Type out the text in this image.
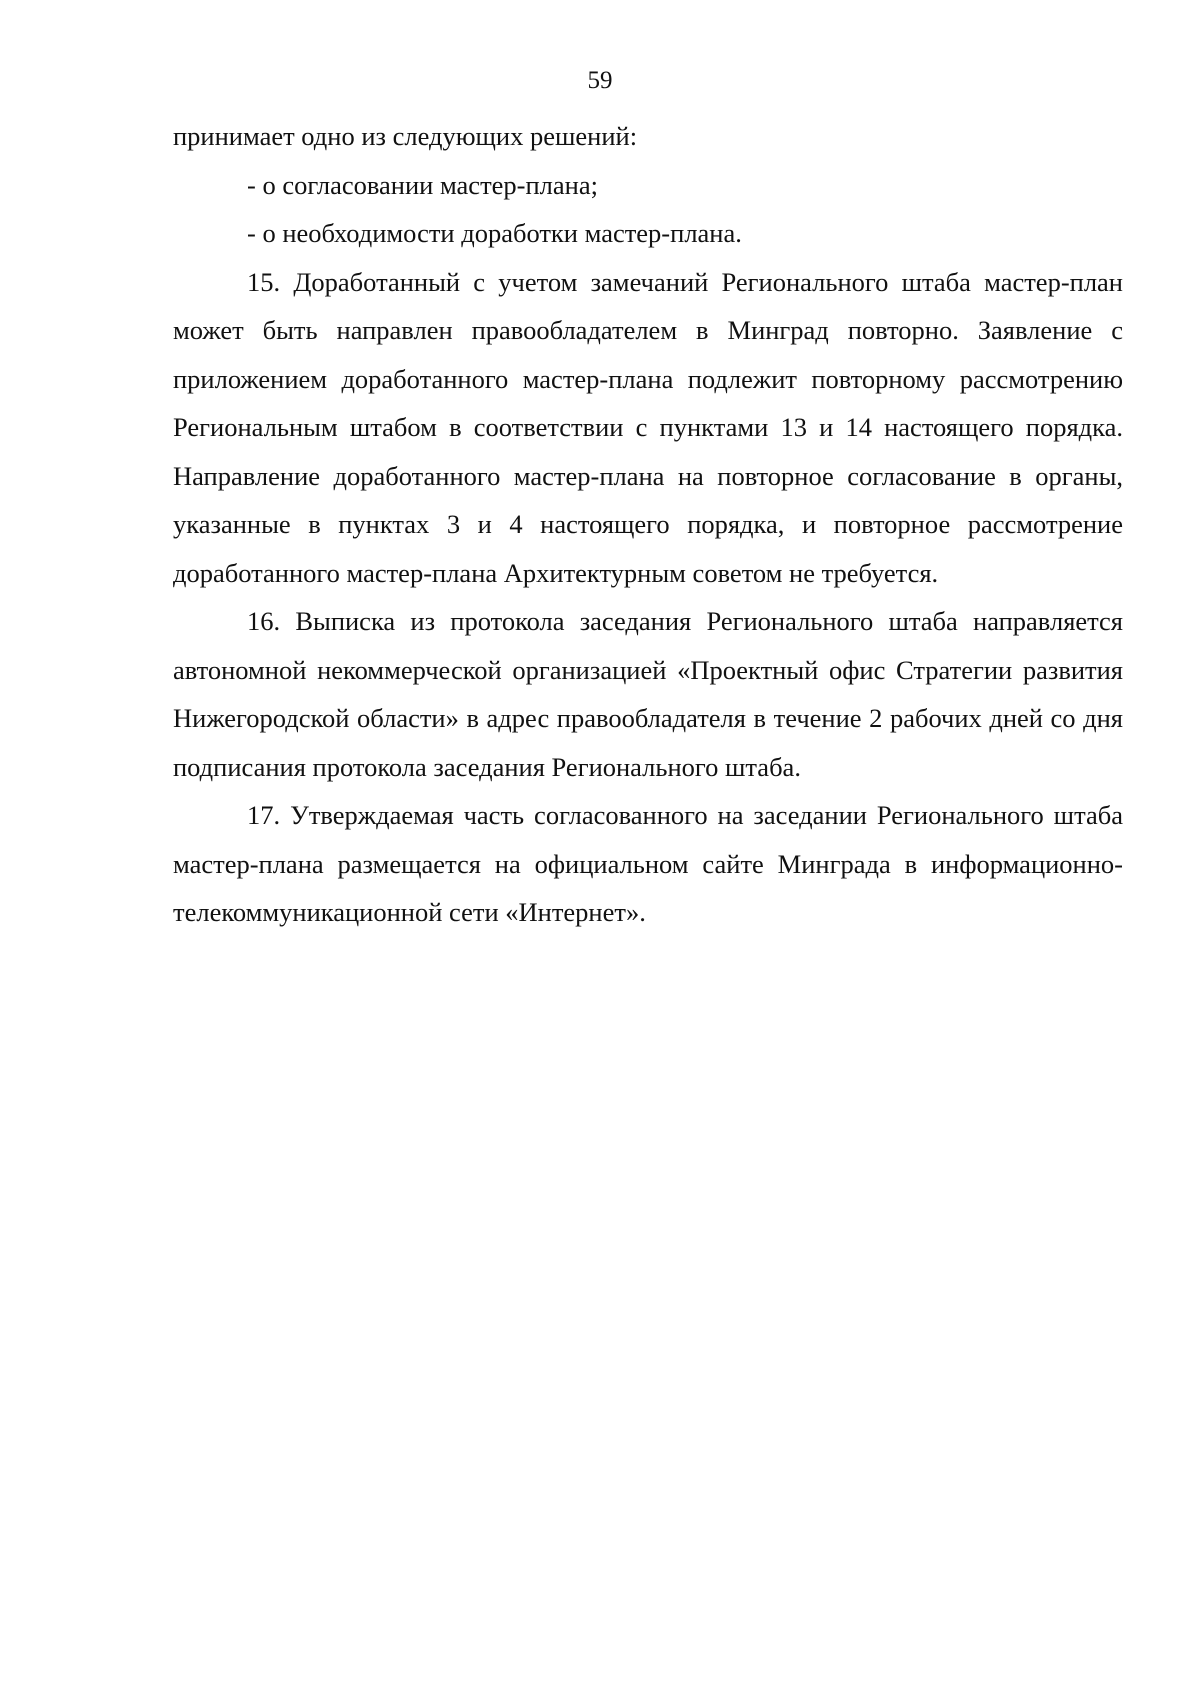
59

принимает одно из следующих решений:

- о согласовании мастер-плана;

- о необходимости доработки мастер-плана.

15. Доработанный с учетом замечаний Регионального штаба мастер-план может быть направлен правообладателем в Минград повторно. Заявление с приложением доработанного мастер-плана подлежит повторному рассмотрению Региональным штабом в соответствии с пунктами 13 и 14 настоящего порядка. Направление доработанного мастер-плана на повторное согласование в органы, указанные в пунктах 3 и 4 настоящего порядка, и повторное рассмотрение доработанного мастер-плана Архитектурным советом не требуется.

16. Выписка из протокола заседания Регионального штаба направляется автономной некоммерческой организацией «Проектный офис Стратегии развития Нижегородской области» в адрес правообладателя в течение 2 рабочих дней со дня подписания протокола заседания Регионального штаба.

17. Утверждаемая часть согласованного на заседании Регионального штаба мастер-плана размещается на официальном сайте Минграда в информационно-телекоммуникационной сети «Интернет».
